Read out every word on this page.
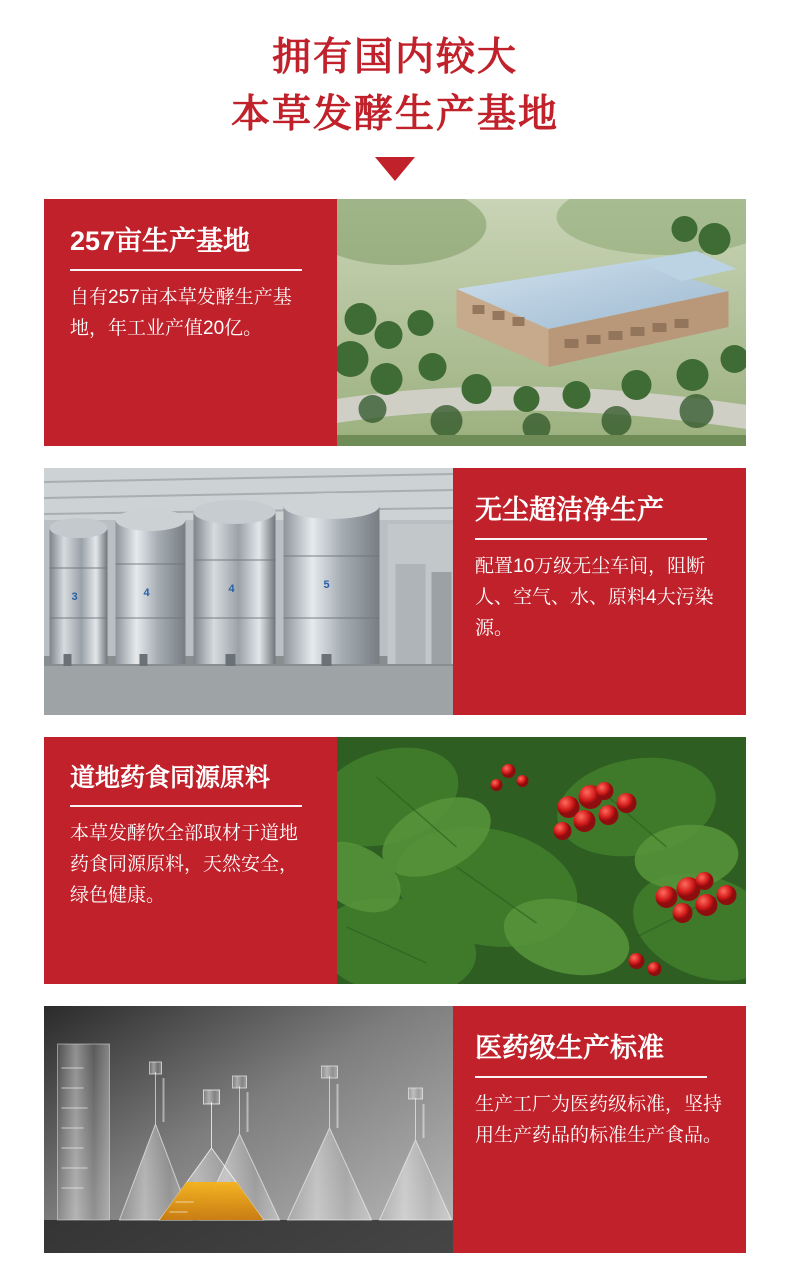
拥有国内较大
本草发酵生产基地
257亩生产基地
自有257亩本草发酵生产基地，年工业产值20亿。
无尘超洁净生产
配置10万级无尘车间，阻断人、空气、水、原料4大污染源。
3	4	4	5
道地药食同源原料
本草发酵饮全部取材于道地药食同源原料，天然安全，绿色健康。
医药级生产标准
生产工厂为医药级标准，坚持用生产药品的标准生产食品。
